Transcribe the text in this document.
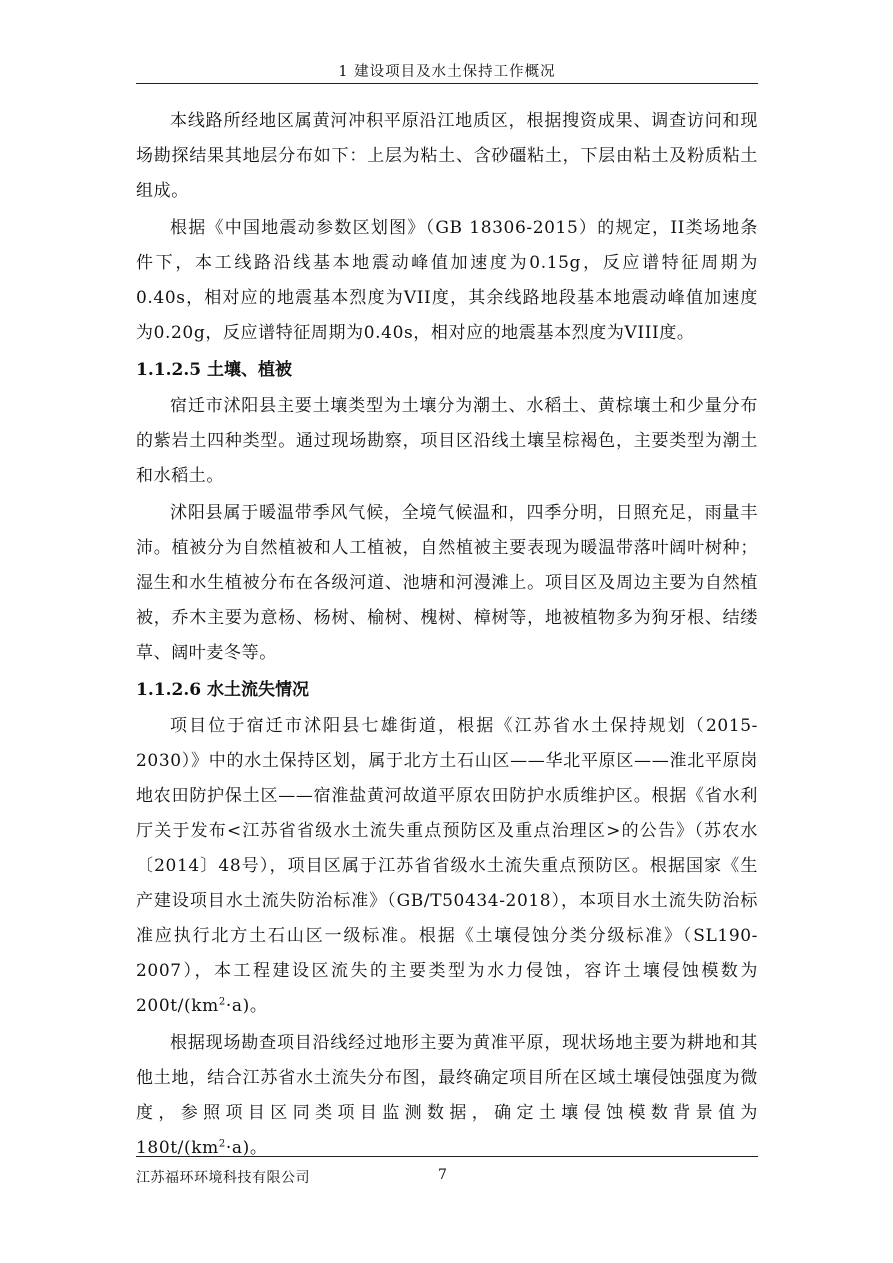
1 建设项目及水土保持工作概况

本线路所经地区属黄河冲积平原沿江地质区，根据搜资成果、调查访问和现场勘探结果其地层分布如下：上层为粘土、含砂礓粘土，下层由粘土及粉质粘土组成。

根据《中国地震动参数区划图》（GB 18306-2015）的规定，II类场地条件下，本工线路沿线基本地震动峰值加速度为0.15g，反应谱特征周期为0.40s，相对应的地震基本烈度为VII度，其余线路地段基本地震动峰值加速度为0.20g，反应谱特征周期为0.40s，相对应的地震基本烈度为VIII度。

1.1.2.5 土壤、植被

宿迁市沭阳县主要土壤类型为土壤分为潮土、水稻土、黄棕壤土和少量分布的紫岩土四种类型。通过现场勘察，项目区沿线土壤呈棕褐色，主要类型为潮土和水稻土。

沭阳县属于暖温带季风气候，全境气候温和，四季分明，日照充足，雨量丰沛。植被分为自然植被和人工植被，自然植被主要表现为暖温带落叶阔叶树种；湿生和水生植被分布在各级河道、池塘和河漫滩上。项目区及周边主要为自然植被，乔木主要为意杨、杨树、榆树、槐树、樟树等，地被植物多为狗牙根、结缕草、阔叶麦冬等。

1.1.2.6 水土流失情况

项目位于宿迁市沭阳县七雄街道，根据《江苏省水土保持规划（2015-2030）》中的水土保持区划，属于北方土石山区——华北平原区——淮北平原岗地农田防护保土区——宿淮盐黄河故道平原农田防护水质维护区。根据《省水利厅关于发布<江苏省省级水土流失重点预防区及重点治理区>的公告》（苏农水〔2014〕48号），项目区属于江苏省省级水土流失重点预防区。根据国家《生产建设项目水土流失防治标准》（GB/T50434-2018），本项目水土流失防治标准应执行北方土石山区一级标准。根据《土壤侵蚀分类分级标准》（SL190-2007），本工程建设区流失的主要类型为水力侵蚀，容许土壤侵蚀模数为$200t/(km^2\cdot a)$。

根据现场勘查项目沿线经过地形主要为黄准平原，现状场地主要为耕地和其他土地，结合江苏省水土流失分布图，最终确定项目所在区域土壤侵蚀强度为微度，参照项目区同类项目监测数据，确定土壤侵蚀模数背景值为$180t/(km^2\cdot a)$。

江苏福环环境科技有限公司	7
